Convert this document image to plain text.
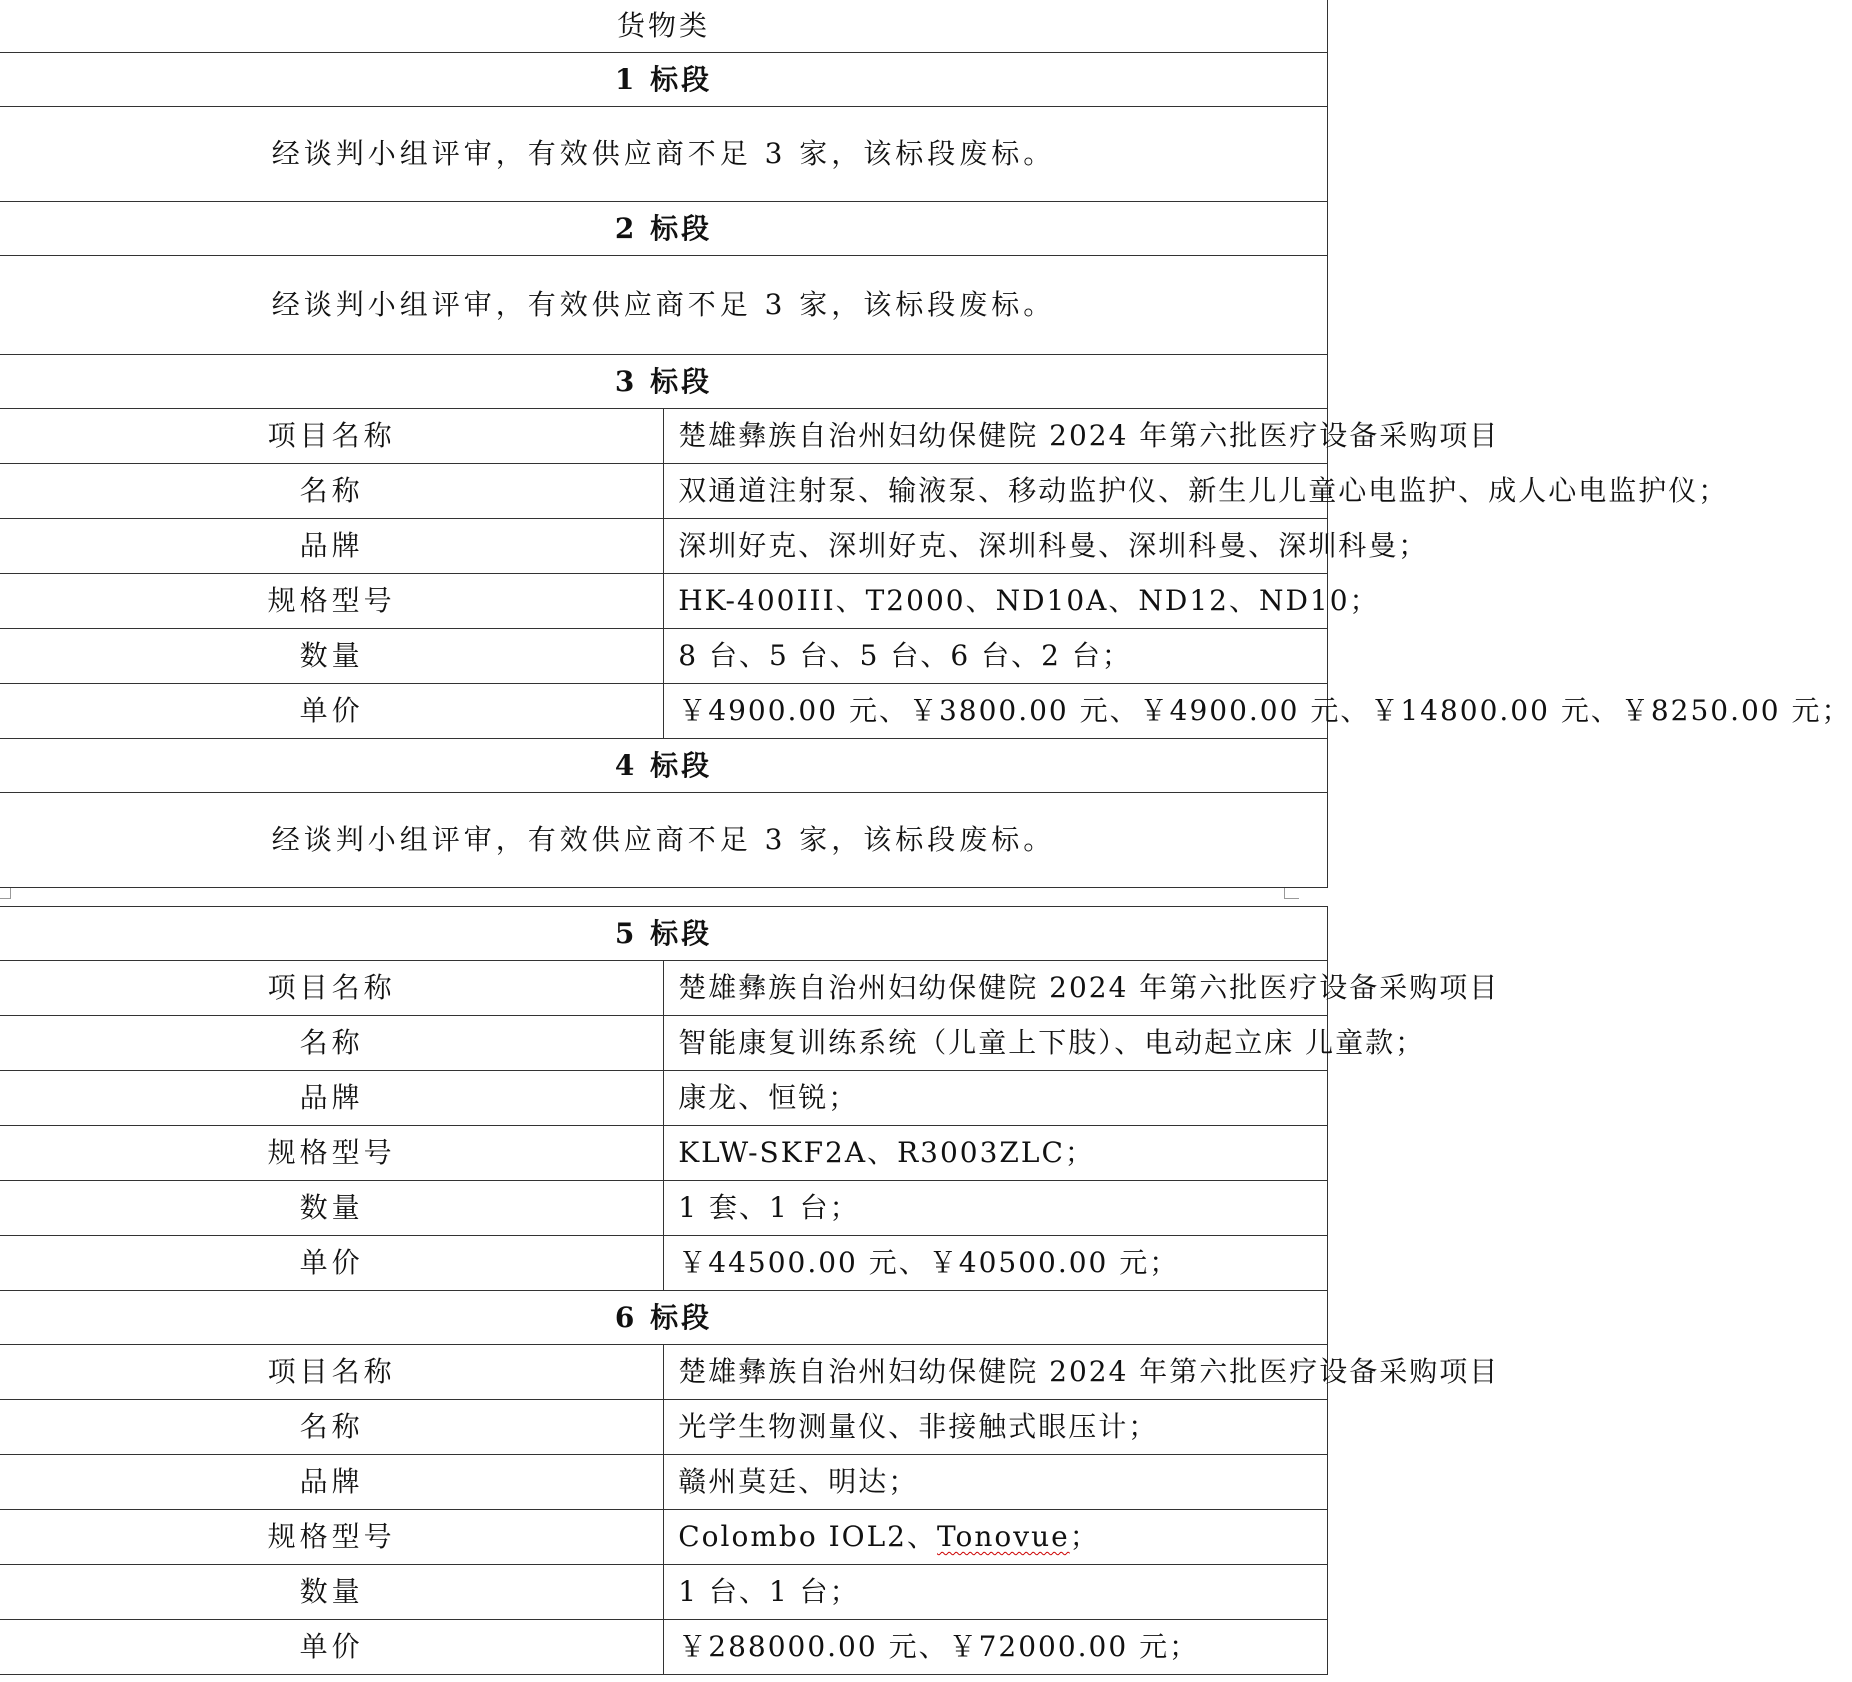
货物类	
1 标段	
经谈判小组评审，有效供应商不足 3 家，该标段废标。	
2 标段	
经谈判小组评审，有效供应商不足 3 家，该标段废标。	
3 标段	
项目名称	楚雄彝族自治州妇幼保健院 2024 年第六批医疗设备采购项目
名称	双通道注射泵、输液泵、移动监护仪、新生儿儿童心电监护、成人心电监护仪；
品牌	深圳好克、深圳好克、深圳科曼、深圳科曼、深圳科曼；
规格型号	HK-400III、T2000、ND10A、ND12、ND10；
数量	8 台、5 台、5 台、6 台、2 台；
单价	￥4900.00 元、￥3800.00 元、￥4900.00 元、￥14800.00 元、￥8250.00 元；
4 标段	
经谈判小组评审，有效供应商不足 3 家，该标段废标。	
5 标段	
项目名称	楚雄彝族自治州妇幼保健院 2024 年第六批医疗设备采购项目
名称	智能康复训练系统（儿童上下肢）、电动起立床 儿童款；
品牌	康龙、恒锐；
规格型号	KLW-SKF2A、R3003ZLC；
数量	1 套、1 台；
单价	￥44500.00 元、￥40500.00 元；
6 标段	
项目名称	楚雄彝族自治州妇幼保健院 2024 年第六批医疗设备采购项目
名称	光学生物测量仪、非接触式眼压计；
品牌	赣州莫廷、明达；
规格型号	Colombo IOL2、Tonovue；
数量	1 台、1 台；
单价	￥288000.00 元、￥72000.00 元；
